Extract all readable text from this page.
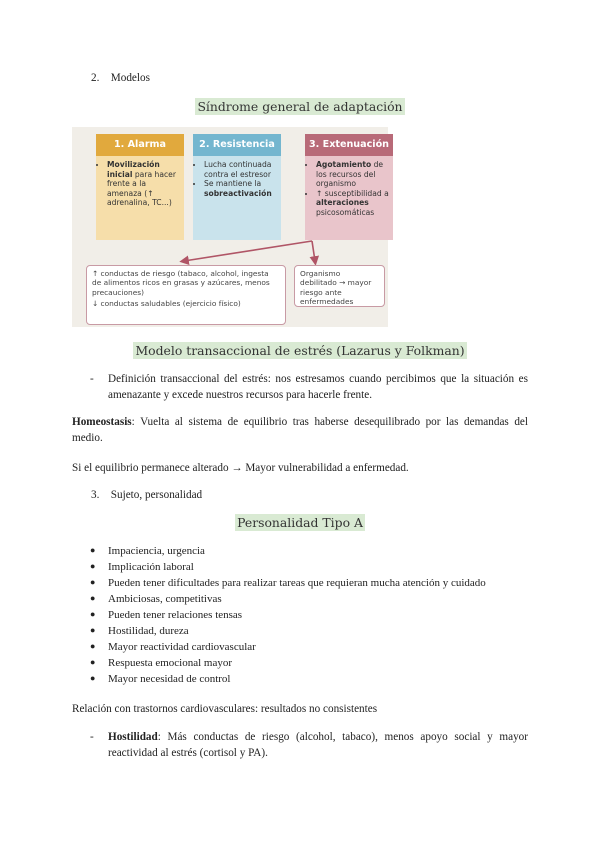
2. Modelos
Síndrome general de adaptación
1. Alarma
• Movilización inicial para hacer frente a la amenaza (↑ adrenalina, TC...)
2. Resistencia
• Lucha continuada contra el estresor
• Se mantiene la sobreactivación
3. Extenuación
• Agotamiento de los recursos del organismo
• ↑ susceptibilidad a alteraciones psicosomáticas

↑ conductas de riesgo (tabaco, alcohol, ingesta de alimentos ricos en grasas y azúcares, menos precauciones)

↓ conductas saludables (ejercicio físico)

Organismo debilitado → mayor riesgo ante enfermedades

Modelo transaccional de estrés (Lazarus y Folkman)
- Definición transaccional del estrés: nos estresamos cuando percibimos que la situación es amenazante y excede nuestros recursos para hacerle frente.
Homeostasis: Vuelta al sistema de equilibrio tras haberse desequilibrado por las demandas del medio.
Si el equilibrio permanece alterado → Mayor vulnerabilidad a enfermedad.
3. Sujeto, personalidad
Personalidad Tipo A
● Impaciencia, urgencia
● Implicación laboral
● Pueden tener dificultades para realizar tareas que requieran mucha atención y cuidado
● Ambiciosas, competitivas
● Pueden tener relaciones tensas
● Hostilidad, dureza
● Mayor reactividad cardiovascular
● Respuesta emocional mayor
● Mayor necesidad de control
Relación con trastornos cardiovasculares: resultados no consistentes
- Hostilidad: Más conductas de riesgo (alcohol, tabaco), menos apoyo social y mayor reactividad al estrés (cortisol y PA).
